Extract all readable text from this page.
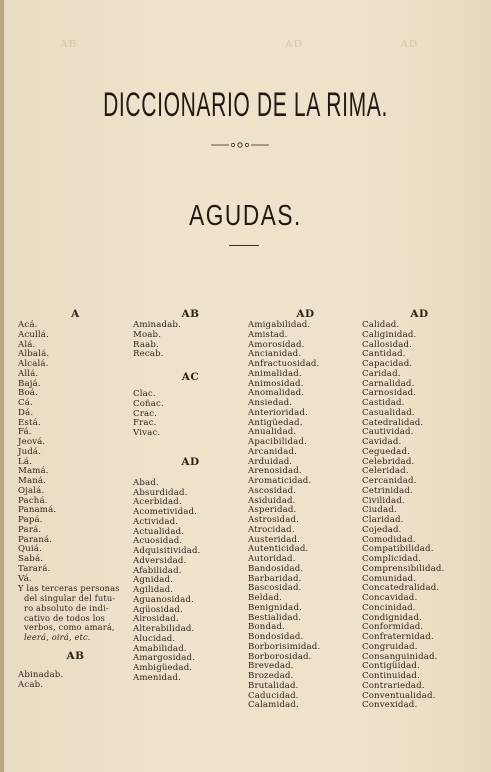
AB	AD	AD
DICCIONARIO DE LA RIMA.
AGUDAS.
A
Acá.
Acullá.
Alá.
Albalá.
Alcalá.
Allá.
Bajá.
Boá.
Cá.
Dá.
Está.
Fá.
Jeová.
Judá.
Lá.
Mamá.
Maná.
Ojalá.
Pachá.
Panamá.
Papá.
Pará.
Paraná.
Quiá.
Sabá.
Tarará.
Vá.
Y las terceras personas
del singular del futu-
ro absoluto de indi-
cativo de todos los
verbos, como amará,
leerá, oirá, etc.
AB
Abinadab.
Acab.
AB
Aminadab.
Moab.
Raab.
Recab.
AC
Clac.
Coñac.
Crac.
Frac.
Vivac.
AD
Abad.
Absurdidad.
Acerbidad.
Acometividad.
Actividad.
Actualidad.
Acuosidad.
Adquisitividad.
Adversidad.
Afabilidad.
Agnidad.
Agilidad.
Aguanosidad.
Agüosidad.
Airosidad.
Alterabilidad.
Alucidad.
Amabilidad.
Amargosidad.
Ambigüedad.
Amenidad.
AD
Amigabilidad.
Amistad.
Amorosidad.
Ancianidad.
Anfractuosidad.
Animalidad.
Animosidad.
Anomalidad.
Ansiedad.
Anterioridad.
Antigüedad.
Anualidad.
Apacibilidad.
Arcanidad.
Arduidad.
Arenosidad.
Aromaticidad.
Ascosidad.
Asiduidad.
Asperidad.
Astrosidad.
Atrocidad.
Austeridad.
Autenticidad.
Autoridad.
Bandosidad.
Barbaridad.
Bascosidad.
Beldad.
Benignidad.
Bestialidad.
Bondad.
Bondosidad.
Borborisimidad.
Borborosidad.
Brevedad.
Brozedad.
Brutalidad.
Caducidad.
Calamidad.
AD
Calidad.
Caliginidad.
Callosidad.
Cantidad.
Capacidad.
Caridad.
Carnalidad.
Carnosidad.
Castidad.
Casualidad.
Catedralidad.
Cautividad.
Cavidad.
Ceguedad.
Celebridad.
Celeridad.
Cercanidad.
Cetrinidad.
Civilidad.
Ciudad.
Claridad.
Cojedad.
Comodidad.
Compatibilidad.
Complicidad.
Comprensibilidad.
Comunidad.
Concatedralidad.
Concavidad.
Concinidad.
Condignidad.
Conformidad.
Confraternidad.
Congruidad.
Consanguinidad.
Contigüidad.
Continuidad.
Contrariedad.
Conventualidad.
Convexidad.
